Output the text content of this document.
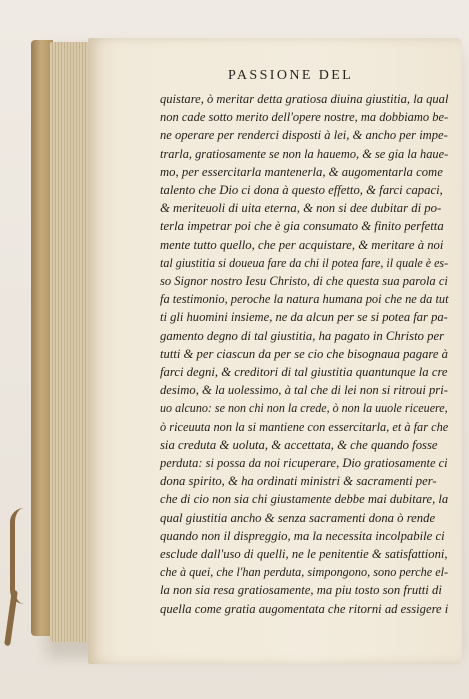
PASSIONE DEL
quistare, ò meritar detta gratiosa diuina giustitia, la qual
non cade sotto merito dell'opere nostre, ma dobbiamo be-
ne operare per renderci disposti à lei, & ancho per impe-
trarla, gratiosamente se non la hauemo, & se gia la haue-
mo, per essercitarla mantenerla, & augomentarla come
talento che Dio ci dona à questo effetto, & farci capaci,
& meriteuoli di uita eterna, & non si dee dubitar di po-
terla impetrar poi che è gia consumato & finito perfetta
mente tutto quello, che per acquistare, & meritare à noi
tal giustitia si doueua fare da chi il potea fare, il quale è es-
so Signor nostro Iesu Christo, di che questa sua parola ci
fa testimonio, peroche la natura humana poi che ne da tut
ti gli huomini insieme, ne da alcun per se si potea far pa-
gamento degno di tal giustitia, ha pagato in Christo per
tutti & per ciascun da per se cio che bisognaua pagare à
farci degni, & creditori di tal giustitia quantunque la cre
desimo, & la uolessimo, à tal che di lei non si ritroui pri-
uo alcuno: se non chi non la crede, ò non la uuole riceuere,
ò riceuuta non la si mantiene con essercitarla, et à far che
sia creduta & uoluta, & accettata, & che quando fosse
perduta: si possa da noi ricuperare, Dio gratiosamente ci
dona spirito, & ha ordinati ministri & sacramenti per-
che di cio non sia chi giustamente debbe mai dubitare, la
qual giustitia ancho & senza sacramenti dona ò rende
quando non il dispreggio, ma la necessita incolpabile ci
esclude dall'uso di quelli, ne le penitentie & satisfattioni,
che à quei, che l'han perduta, simpongono, sono perche el-
la non sia resa gratiosamente, ma piu tosto son frutti di
quella come gratia augomentata che ritorni ad essigere i
